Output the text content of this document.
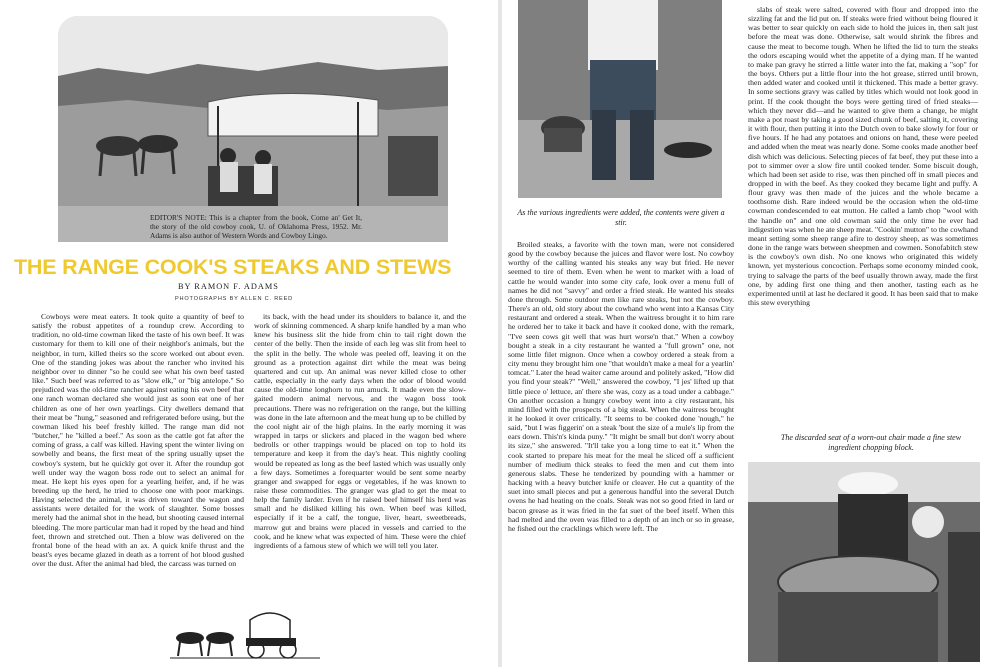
EDITOR'S NOTE: This is a chapter from the book, Come an' Get It, the story of the old cowboy cook, U. of Oklahoma Press, 1952. Mr. Adams is also author of Western Words and Cowboy Lingo.
THE RANGE COOK'S STEAKS AND STEWS
BY RAMON F. ADAMS
PHOTOGRAPHS BY ALLEN C. REED

Cowboys were meat eaters. It took quite a quantity of beef to satisfy the robust appetites of a roundup crew. According to tradition, no old-time cowman liked the taste of his own beef. It was customary for them to kill one of their neighbor's animals, but the neighbor, in turn, killed theirs so the score worked out about even. One of the standing jokes was about the rancher who invited his neighbor over to dinner "so he could see what his own beef tasted like." Such beef was referred to as "slow elk," or "big antelope." So prejudiced was the old-time rancher against eating his own beef that one ranch woman declared she would just as soon eat one of her children as one of her own yearlings. City dwellers demand that their meat be "hung," seasoned and refrigerated before using, but the cowman liked his beef freshly killed. The range man did not "butcher," he "killed a beef." As soon as the cattle got fat after the coming of grass, a calf was killed. Having spent the winter living on sowbelly and beans, the first meat of the spring usually upset the cowboy's system, but he quickly got over it. After the roundup got well under way the wagon boss rode out to select an animal for meat. He kept his eyes open for a yearling heifer, and, if he was breeding up the herd, he tried to choose one with poor markings. Having selected the animal, it was driven toward the wagon and assistants were detailed for the work of slaughter. Some bosses merely had the animal shot in the head, but shooting caused internal bleeding. The more particular man had it roped by the head and hind feet, thrown and stretched out. Then a blow was delivered on the frontal bone of the head with an ax. A quick knife thrust and the beast's eyes became glazed in death as a torrent of hot blood gushed over the dust. After the animal had bled, the carcass was turned on

its back, with the head under its shoulders to balance it, and the work of skinning commenced. A sharp knife handled by a man who knew his business slit the hide from chin to tail right down the center of the belly. Then the inside of each leg was slit from heel to the split in the belly. The whole was peeled off, leaving it on the ground as a protection against dirt while the meat was being quartered and cut up. An animal was never killed close to other cattle, especially in the early days when the odor of blood would cause the old-time longhorn to run amuck. It made even the slow-gaited modern animal nervous, and the wagon boss took precautions. There was no refrigeration on the range, but the killing was done in the late afternoon and the meat hung up to be chilled by the cool night air of the high plains. In the early morning it was wrapped in tarps or slickers and placed in the wagon bed where bedrolls or other trappings would be placed on top to hold its temperature and keep it from the day's heat. This nightly cooling would be repeated as long as the beef lasted which was usually only a few days. Sometimes a forequarter would be sent some nearby granger and swapped for eggs or vegetables, if he was known to raise these commodities. The granger was glad to get the meat to help the family larder. Even if he raised beef himself his herd was small and he disliked killing his own. When beef was killed, especially if it be a calf, the tongue, liver, heart, sweetbreads, marrow gut and brains were placed in vessels and carried to the cook, and he knew what was expected of him. These were the chief ingredients of a famous stew of which we will tell you later.

As the various ingredients were added, the contents were given a stir.

Broiled steaks, a favorite with the town man, were not considered good by the cowboy because the juices and flavor were lost. No cowboy worthy of the calling wanted his steaks any way but fried. He never seemed to tire of them. Even when he went to market with a load of cattle he would wander into some city cafe, look over a menu full of names he did not "savvy" and order a fried steak. He wanted his steaks done through. Some outdoor men like rare steaks, but not the cowboy. There's an old, old story about the cowhand who went into a Kansas City restaurant and ordered a steak. When the waitress brought it to him rare he ordered her to take it back and have it cooked done, with the remark, "I've seen cows git well that was hurt worse'n that." When a cowboy bought a steak in a city restaurant he wanted a "full grown" one, not some little filet mignon. Once when a cowboy ordered a steak from a city menu they brought him one "that wouldn't make a meal for a yearlin' tomcat." Later the head waiter came around and politely asked, "How did you find your steak?" "Well," answered the cowboy, "I jes' lifted up that little piece o' lettuce, an' there she was, cozy as a toad under a cabbage." On another occasion a hungry cowboy went into a city restaurant, his mind filled with the prospects of a big steak. When the waitress brought it he looked it over critically. "It seems to be cooked done 'nough," he said, "but I was figgerin' on a steak 'bout the size of a mule's lip from the ears down. This'n's kinda puny." "It might be small but don't worry about its size," she answered. "It'll take you a long time to eat it." When the cook started to prepare his meat for the meal he sliced off a sufficient number of medium thick steaks to feed the men and cut them into generous slabs. These he tenderized by pounding with a hammer or hacking with a heavy butcher knife or cleaver. He cut a quantity of the suet into small pieces and put a generous handful into the several Dutch ovens he had heating on the coals. Steak was not so good fried in lard or bacon grease as it was fried in the fat suet of the beef itself. When this had melted and the oven was filled to a depth of an inch or so in grease, he fished out the cracklings which were left. The

slabs of steak were salted, covered with flour and dropped into the sizzling fat and the lid put on. If steaks were fried without being floured it was better to sear quickly on each side to hold the juices in, then salt just before the meat was done. Otherwise, salt would shrink the fibres and cause the meat to become tough. When he lifted the lid to turn the steaks the odors escaping would whet the appetite of a dying man. If he wanted to make pan gravy he stirred a little water into the fat, making a "sop" for the boys. Others put a little flour into the hot grease, stirred until brown, then added water and cooked until it thickened. This made a better gravy. In some sections gravy was called by titles which would not look good in print. If the cook thought the boys were getting tired of fried steaks—which they never did—and he wanted to give them a change, he might make a pot roast by taking a good sized chunk of beef, salting it, covering it with flour, then putting it into the Dutch oven to bake slowly for four or five hours. If he had any potatoes and onions on hand, these were peeled and added when the meat was nearly done. Some cooks made another beef dish which was delicious. Selecting pieces of fat beef, they put these into a pot to simmer over a slow fire until cooked tender. Some biscuit dough, which had been set aside to rise, was then pinched off in small pieces and dropped in with the beef. As they cooked they became light and puffy. A flour gravy was then made of the juices and the whole became a toothsome dish. Rare indeed would be the occasion when the old-time cowman condescended to eat mutton. He called a lamb chop "wool with the handle on" and one old cowman said the only time he ever had indigestion was when he ate sheep meat. "Cookin' mutton" to the cowhand meant setting some sheep range afire to destroy sheep, as was sometimes done in the range wars between sheepmen and cowmen. Sonofabitch stew is the cowboy's own dish. No one knows who originated this widely known, yet mysterious concoction. Perhaps some economy minded cook, trying to salvage the parts of the beef usually thrown away, made the first one, by adding first one thing and then another, tasting each as he experimented until at last he declared it good. It has been said that to make this stew everything

The discarded seat of a worn-out chair made a fine stew ingredient chopping block.
